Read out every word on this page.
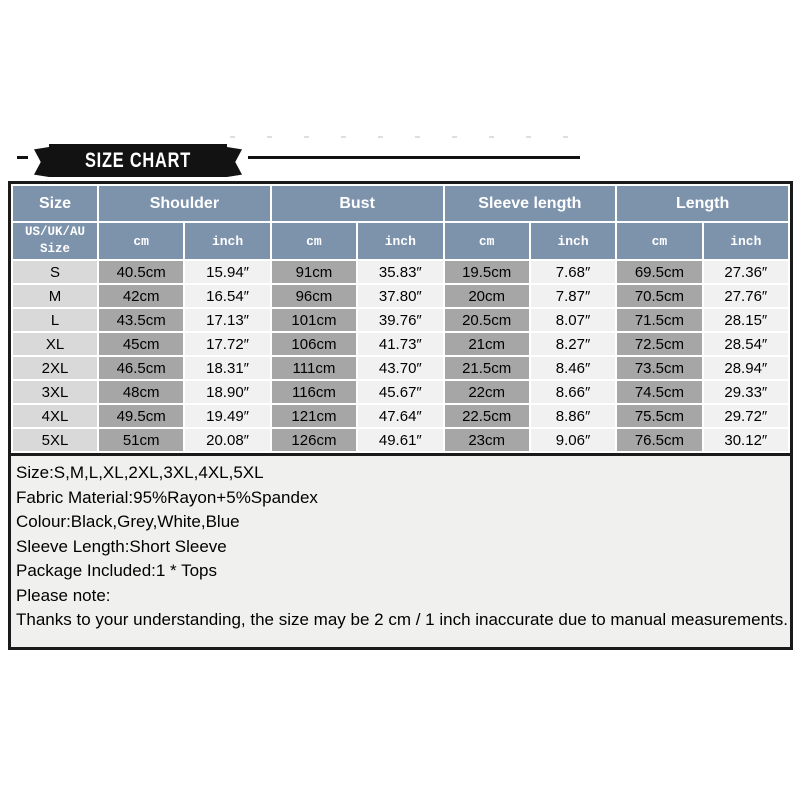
SIZE CHART
Size	Shoulder		Bust		Sleeve length		Length	
US/UK/AU
Size	cm	inch	cm	inch	cm	inch	cm	inch
S	40.5cm	15.94″	91cm	35.83″	19.5cm	7.68″	69.5cm	27.36″
M	42cm	16.54″	96cm	37.80″	20cm	7.87″	70.5cm	27.76″
L	43.5cm	17.13″	101cm	39.76″	20.5cm	8.07″	71.5cm	28.15″
XL	45cm	17.72″	106cm	41.73″	21cm	8.27″	72.5cm	28.54″
2XL	46.5cm	18.31″	111cm	43.70″	21.5cm	8.46″	73.5cm	28.94″
3XL	48cm	18.90″	116cm	45.67″	22cm	8.66″	74.5cm	29.33″
4XL	49.5cm	19.49″	121cm	47.64″	22.5cm	8.86″	75.5cm	29.72″
5XL	51cm	20.08″	126cm	49.61″	23cm	9.06″	76.5cm	30.12″
Size:S,M,L,XL,2XL,3XL,4XL,5XL
Fabric Material:95%Rayon+5%Spandex
Colour:Black,Grey,White,Blue
Sleeve Length:Short Sleeve
Package Included:1 * Tops
Please note:
Thanks to your understanding, the size may be 2 cm / 1 inch inaccurate due to manual measurements.
